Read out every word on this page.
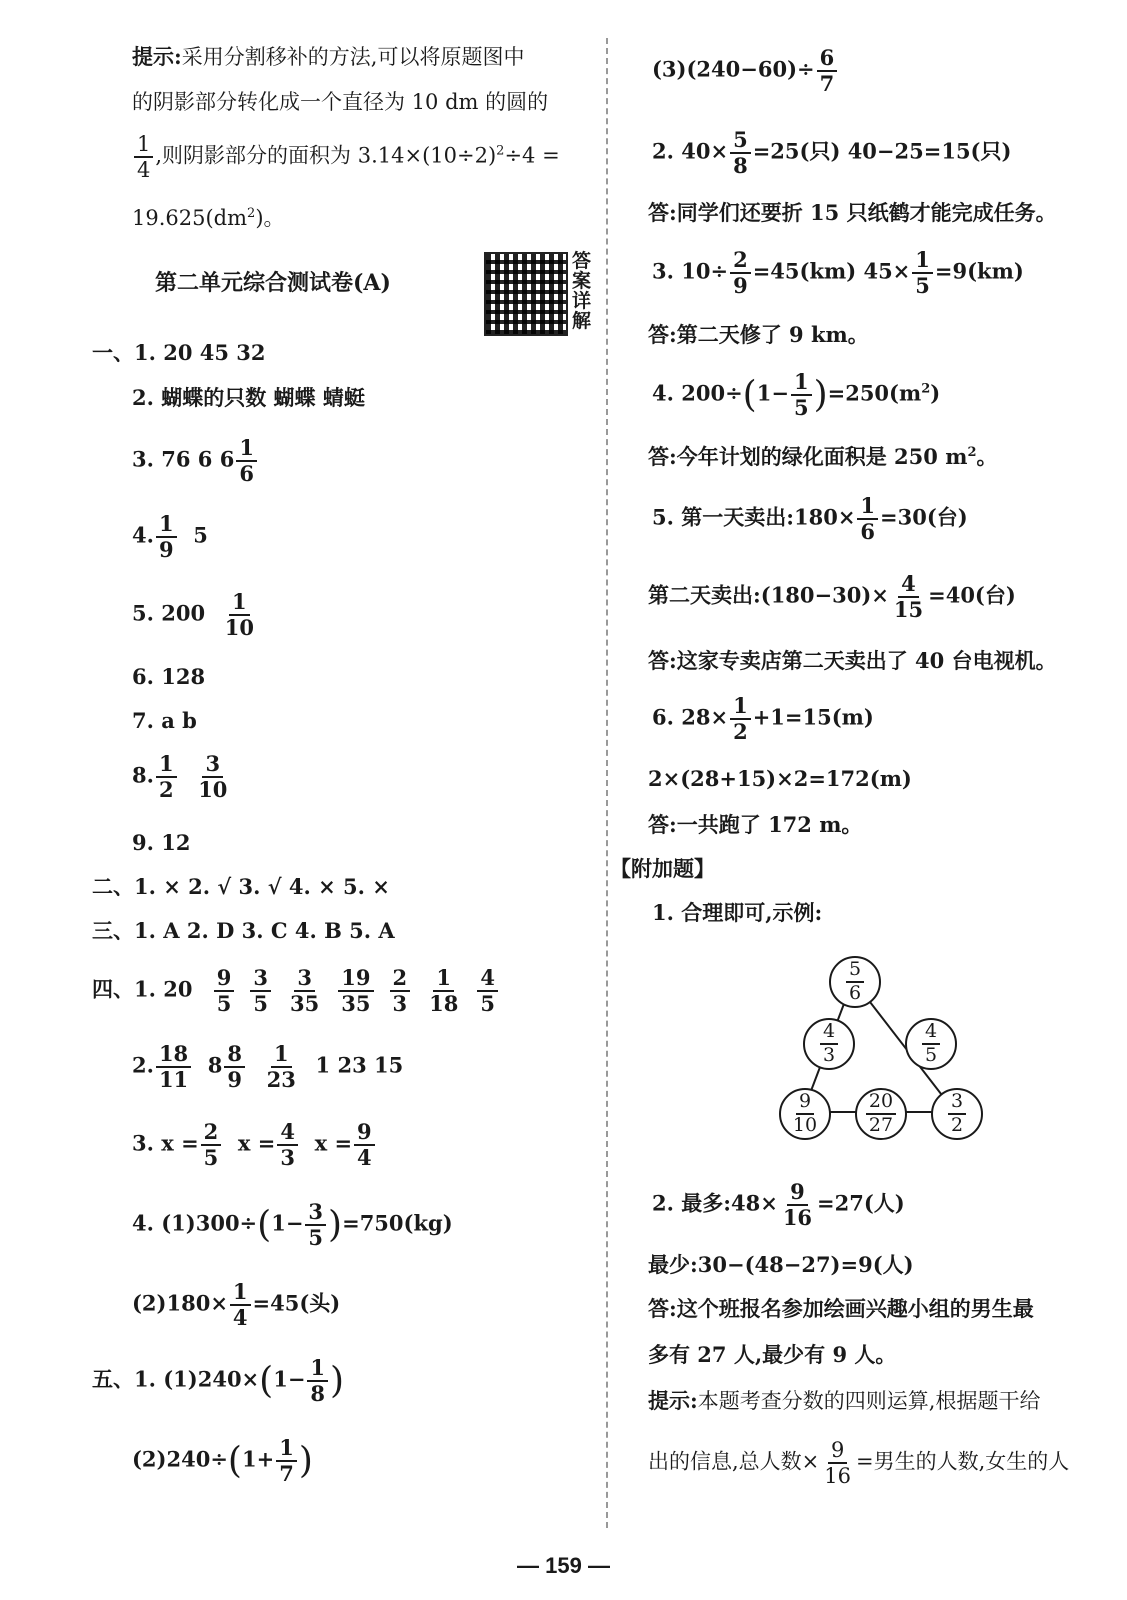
提示:采用分割移补的方法,可以将原题图中
的阴影部分转化成一个直径为 10 dm 的圆的
$\frac{1}{4}$ ,则阴影部分的面积为 $3.14\times(10\div 2)^2\div 4$ =
$19.625(dm^2)$。
第二单元综合测试卷(A)
答案详解
一、1. 20 45 32
2. 蝴蝶的只数 蝴蝶 蜻蜓
3. 76 6 $6 \frac{1}{6}$
4. $\frac{1}{9} 5$
5. $200 \frac{1}{10}$
6. 128
7. a b
8. $\frac{1}{2}$
$\frac{3}{10}$
9. 12
二、1. × 2. √ 3. √ 4. × 5. ×
三、1. A 2. D 3. C 4. B 5. A
四、1. $20 \frac{9}{5} \frac{3}{5} \frac{3}{35} \frac{19}{35} \frac{2}{3} \frac{1}{18} \frac{4}{5}$
2. $\frac{18}{11} 8 \frac{8}{9}$
$\frac{1}{23} 1$ 23 15
3. $x = \frac{2}{5}$ $x = \frac{4}{3}$ $x = \frac{9}{4}$
4. $(1)300\div(1- \frac{3}{5} )=750(kg)$
$(2)180\times \frac{1}{4} =45$(头)
五、1. $(1)240\times(1- \frac{1}{8}$ )
$(2)240\div(1+ \frac{1}{7}$ )
$(3)(240-60)\div \frac{6}{7}$
2. $40\times \frac{5}{8} =25$(只) 40−25=15(只)
答:同学们还要折 15 只纸鹤才能完成任务。
3. $10\div \frac{2}{9} =45(km)$ $45\times \frac{1}{5} =9(km)$
答:第二天修了 9 km。
4. $200\div(1- \frac{1}{5} )=250(m^2)$
答:今年计划的绿化面积是 250 $m^2$。
5. 第一天卖出:180× $\frac{1}{6} =30$(台)
第二天卖出:(180−30)× $\frac{4}{15} =40$(台)
答:这家专卖店第二天卖出了 40 台电视机。
6. $28\times \frac{1}{2} +1=15(m)$
2×(28+15)×2=172(m)
答:一共跑了 172 m。
【附加题】
1. 合理即可,示例:
$\frac{5}{6}$
$\frac{4}{3}$	$\frac{4}{5}$
$\frac{9}{10} \frac{20}{27}$	$\frac{3}{2}$
2. 最多:48× $\frac{9}{16} =27$(人)
最少:30−(48−27)=9(人)
答:这个班报名参加绘画兴趣小组的男生最
多有 27 人,最少有 9 人。
提示:本题考查分数的四则运算,根据题干给
出的信息,总人数× $\frac{9}{16}$ =男生的人数,女生的人
— 159 —
